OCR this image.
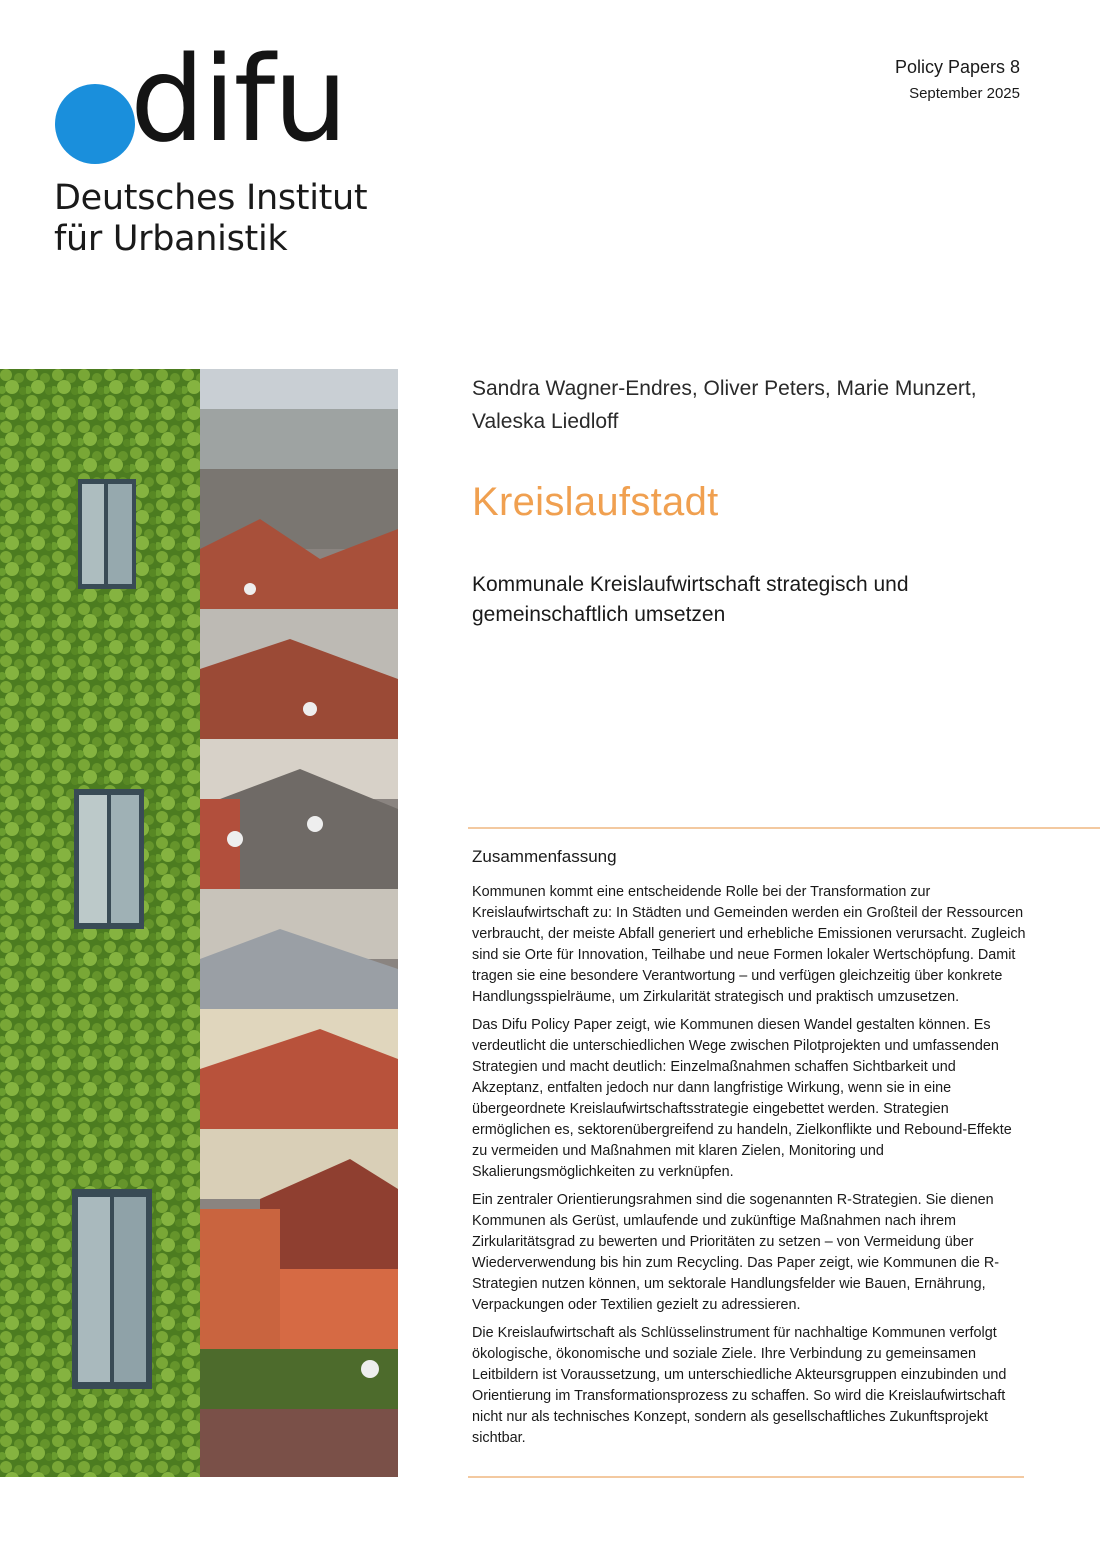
difu
Deutsches Institut
für Urbanistik
Policy Papers 8
September 2025
Sandra Wagner-Endres, Oliver Peters, Marie Munzert,
Valeska Liedloff
Kreislaufstadt
Kommunale Kreislaufwirtschaft strategisch und
gemeinschaftlich umsetzen
Zusammenfassung

Kommunen kommt eine entscheidende Rolle bei der Transformation zur Kreislaufwirtschaft zu: In Städten und Gemeinden werden ein Großteil der Ressourcen verbraucht, der meiste Abfall generiert und erhebliche Emissionen verursacht. Zugleich sind sie Orte für Innovation, Teilhabe und neue Formen lokaler Wertschöpfung. Damit tragen sie eine besondere Verantwortung – und verfügen gleichzeitig über konkrete Handlungsspielräume, um Zirkularität strategisch und praktisch umzusetzen.

Das Difu Policy Paper zeigt, wie Kommunen diesen Wandel gestalten können. Es verdeutlicht die unterschiedlichen Wege zwischen Pilotprojekten und umfassenden Strategien und macht deutlich: Einzelmaßnahmen schaffen Sichtbarkeit und Akzeptanz, entfalten jedoch nur dann langfristige Wirkung, wenn sie in eine übergeordnete Kreislaufwirtschaftsstrategie eingebettet werden. Strategien ermöglichen es, sektorenübergreifend zu handeln, Zielkonflikte und Rebound-Effekte zu vermeiden und Maßnahmen mit klaren Zielen, Monitoring und Skalierungsmöglichkeiten zu verknüpfen.

Ein zentraler Orientierungsrahmen sind die sogenannten R-Strategien. Sie dienen Kommunen als Gerüst, umlaufende und zukünftige Maßnahmen nach ihrem Zirkularitätsgrad zu bewerten und Prioritäten zu setzen – von Vermeidung über Wiederverwendung bis hin zum Recycling. Das Paper zeigt, wie Kommunen die R-Strategien nutzen können, um sektorale Handlungsfelder wie Bauen, Ernährung, Verpackungen oder Textilien gezielt zu adressieren.

Die Kreislaufwirtschaft als Schlüsselinstrument für nachhaltige Kommunen verfolgt ökologische, ökonomische und soziale Ziele. Ihre Verbindung zu gemeinsamen Leitbildern ist Voraussetzung, um unterschiedliche Akteursgruppen einzubinden und Orientierung im Transformationsprozess zu schaffen. So wird die Kreislaufwirtschaft nicht nur als technisches Konzept, sondern als gesellschaftliches Zukunftsprojekt sichtbar.
